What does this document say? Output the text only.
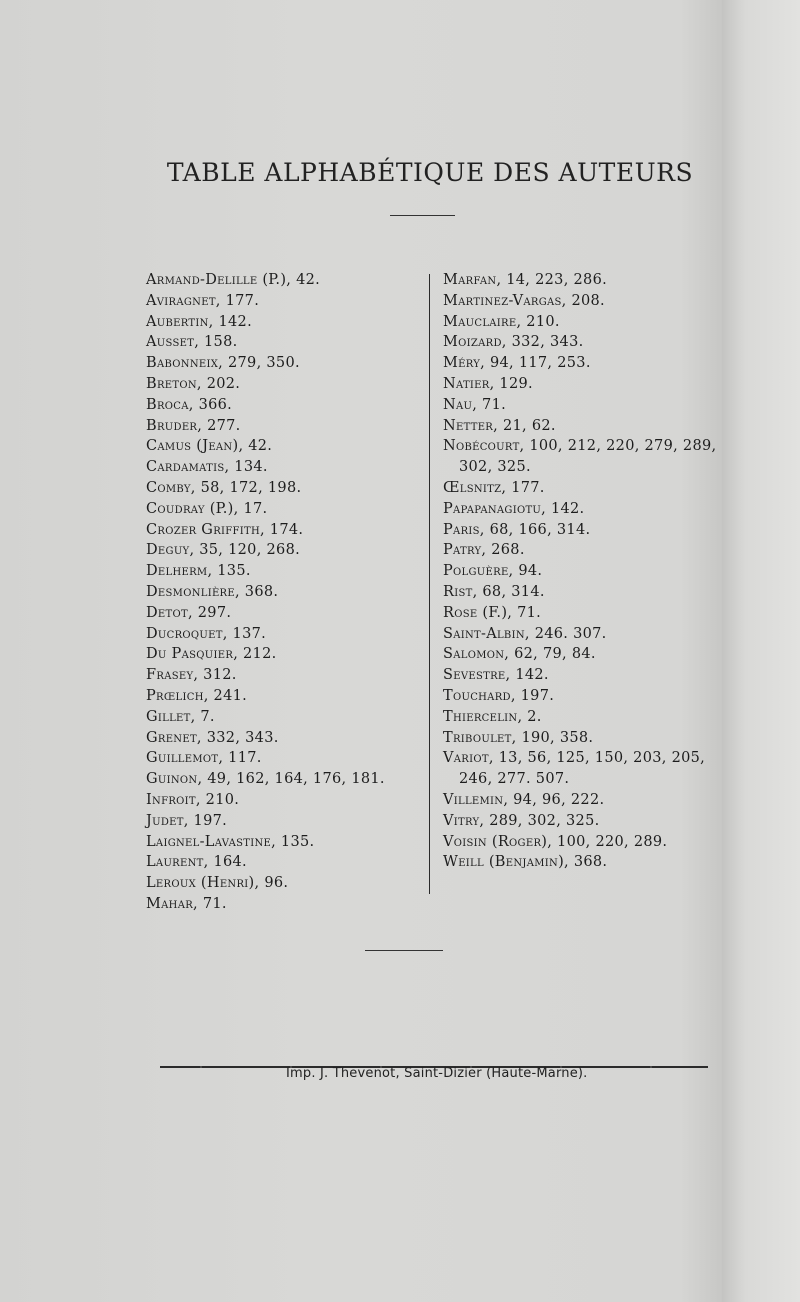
TABLE ALPHABÉTIQUE DES AUTEURS
Armand-Delille (P.), 42.
Aviragnet, 177.
Aubertin, 142.
Ausset, 158.
Babonneix, 279, 350.
Breton, 202.
Broca, 366.
Bruder, 277.
Camus (Jean), 42.
Cardamatis, 134.
Comby, 58, 172, 198.
Coudray (P.), 17.
Crozer Griffith, 174.
Deguy, 35, 120, 268.
Delherm, 135.
Desmonlière, 368.
Detot, 297.
Ducroquet, 137.
Du Pasquier, 212.
Frasey, 312.
Prœlich, 241.
Gillet, 7.
Grenet, 332, 343.
Guillemot, 117.
Guinon, 49, 162, 164, 176, 181.
Infroit, 210.
Judet, 197.
Laignel-Lavastine, 135.
Laurent, 164.
Leroux (Henri), 96.
Mahar, 71.
Marfan, 14, 223, 286.
Martinez-Vargas, 208.
Mauclaire, 210.
Moizard, 332, 343.
Méry, 94, 117, 253.
Natier, 129.
Nau, 71.
Netter, 21, 62.
Nobécourt, 100, 212, 220, 279, 289, 302, 325.
Œlsnitz, 177.
Papapanagiotu, 142.
Paris, 68, 166, 314.
Patry, 268.
Polguère, 94.
Rist, 68, 314.
Rose (F.), 71.
Saint-Albin, 246. 307.
Salomon, 62, 79, 84.
Sevestre, 142.
Touchard, 197.
Thiercelin, 2.
Triboulet, 190, 358.
Variot, 13, 56, 125, 150, 203, 205, 246, 277. 507.
Villemin, 94, 96, 222.
Vitry, 289, 302, 325.
Voisin (Roger), 100, 220, 289.
Weill (Benjamin), 368.
Imp. J. Thevenot, Saint-Dizier (Haute-Marne).
